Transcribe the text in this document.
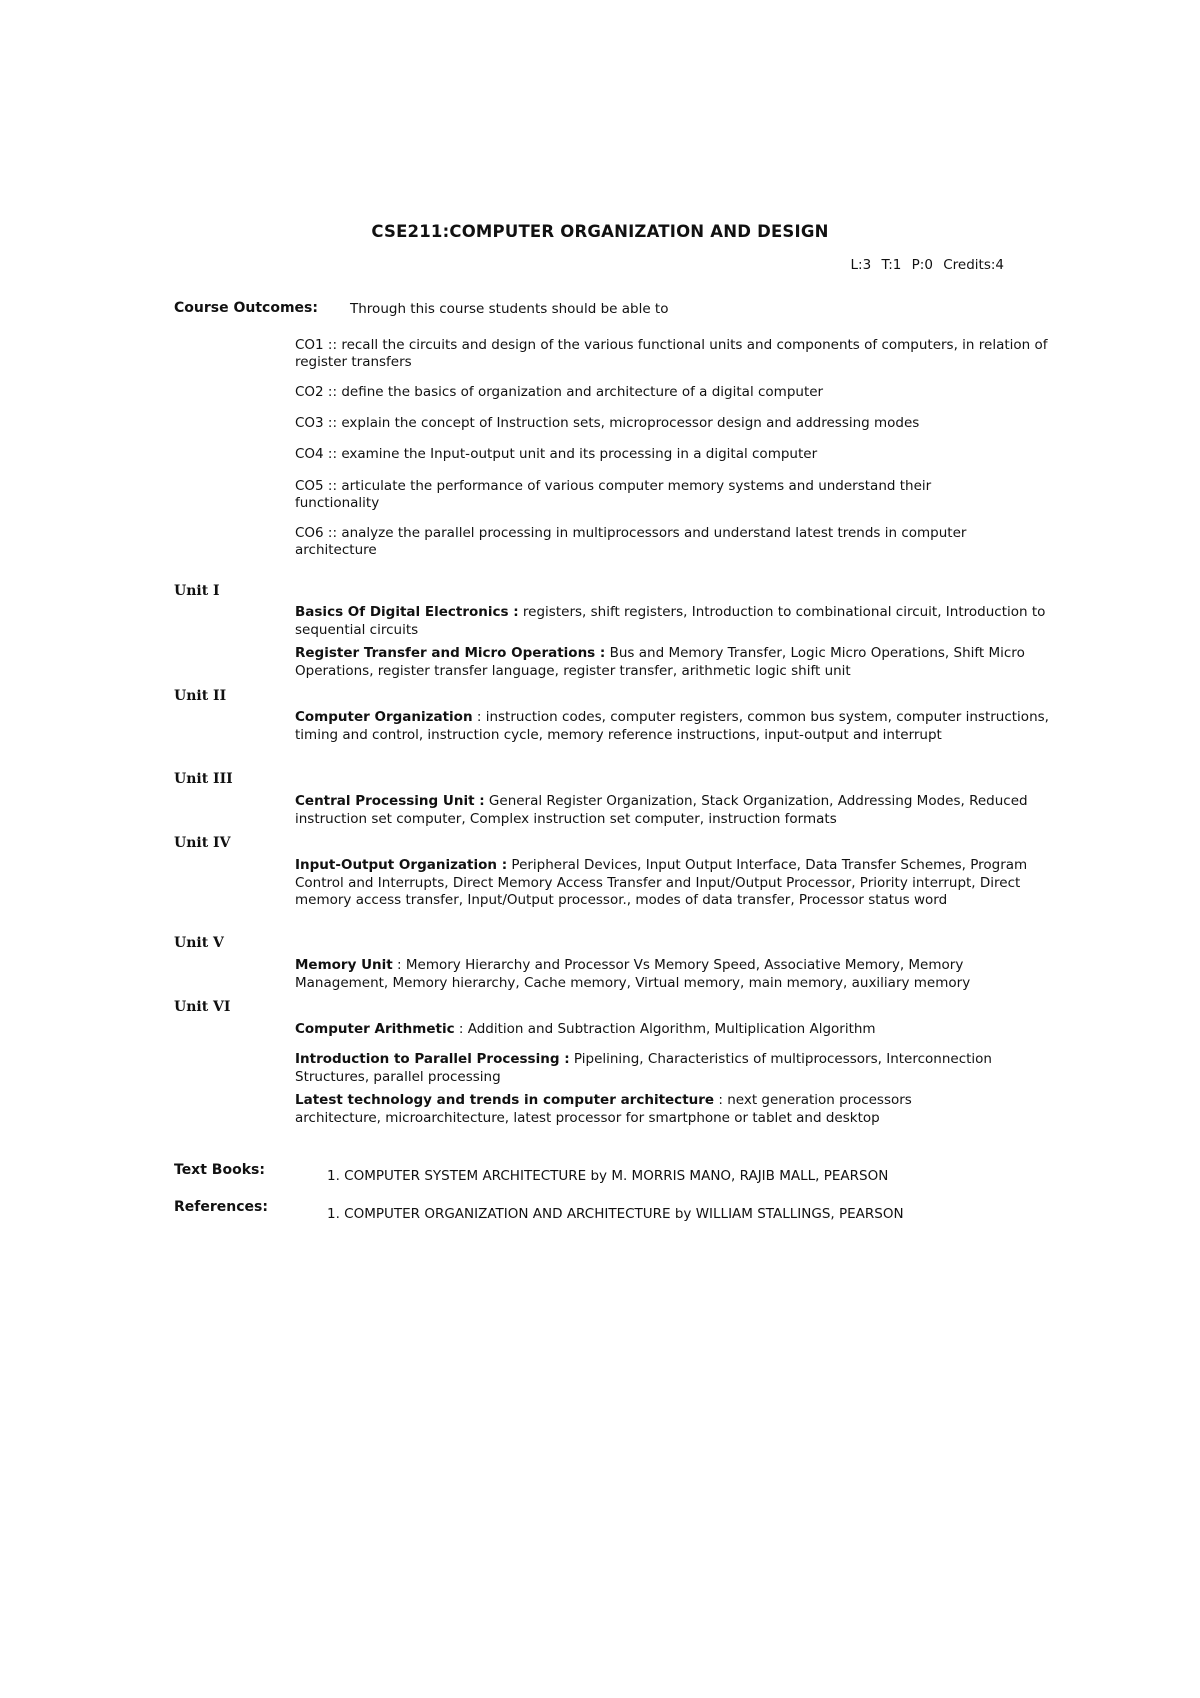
CSE211:COMPUTER ORGANIZATION AND DESIGN
L:3 T:1 P:0 Credits:4
Course Outcomes: Through this course students should be able to
CO1 :: recall the circuits and design of the various functional units and components of computers, in relation of register transfers
CO2 :: define the basics of organization and architecture of a digital computer
CO3 :: explain the concept of Instruction sets, microprocessor design and addressing modes
CO4 :: examine the Input-output unit and its processing in a digital computer
CO5 :: articulate the performance of various computer memory systems and understand their functionality
CO6 :: analyze the parallel processing in multiprocessors and understand latest trends in computer architecture
Unit I
Basics Of Digital Electronics : registers, shift registers, Introduction to combinational circuit, Introduction to sequential circuits
Register Transfer and Micro Operations : Bus and Memory Transfer, Logic Micro Operations, Shift Micro Operations, register transfer language, register transfer, arithmetic logic shift unit
Unit II
Computer Organization : instruction codes, computer registers, common bus system, computer instructions, timing and control, instruction cycle, memory reference instructions, input-output and interrupt
Unit III
Central Processing Unit : General Register Organization, Stack Organization, Addressing Modes, Reduced instruction set computer, Complex instruction set computer, instruction formats
Unit IV
Input-Output Organization : Peripheral Devices, Input Output Interface, Data Transfer Schemes, Program Control and Interrupts, Direct Memory Access Transfer and Input/Output Processor, Priority interrupt, Direct memory access transfer, Input/Output processor., modes of data transfer, Processor status word
Unit V
Memory Unit : Memory Hierarchy and Processor Vs Memory Speed, Associative Memory, Memory Management, Memory hierarchy, Cache memory, Virtual memory, main memory, auxiliary memory
Unit VI
Computer Arithmetic : Addition and Subtraction Algorithm, Multiplication Algorithm
Introduction to Parallel Processing : Pipelining, Characteristics of multiprocessors, Interconnection Structures, parallel processing
Latest technology and trends in computer architecture : next generation processors architecture, microarchitecture, latest processor for smartphone or tablet and desktop
Text Books:	1. COMPUTER SYSTEM ARCHITECTURE by M. MORRIS MANO, RAJIB MALL, PEARSON
References:	1. COMPUTER ORGANIZATION AND ARCHITECTURE by WILLIAM STALLINGS, PEARSON
